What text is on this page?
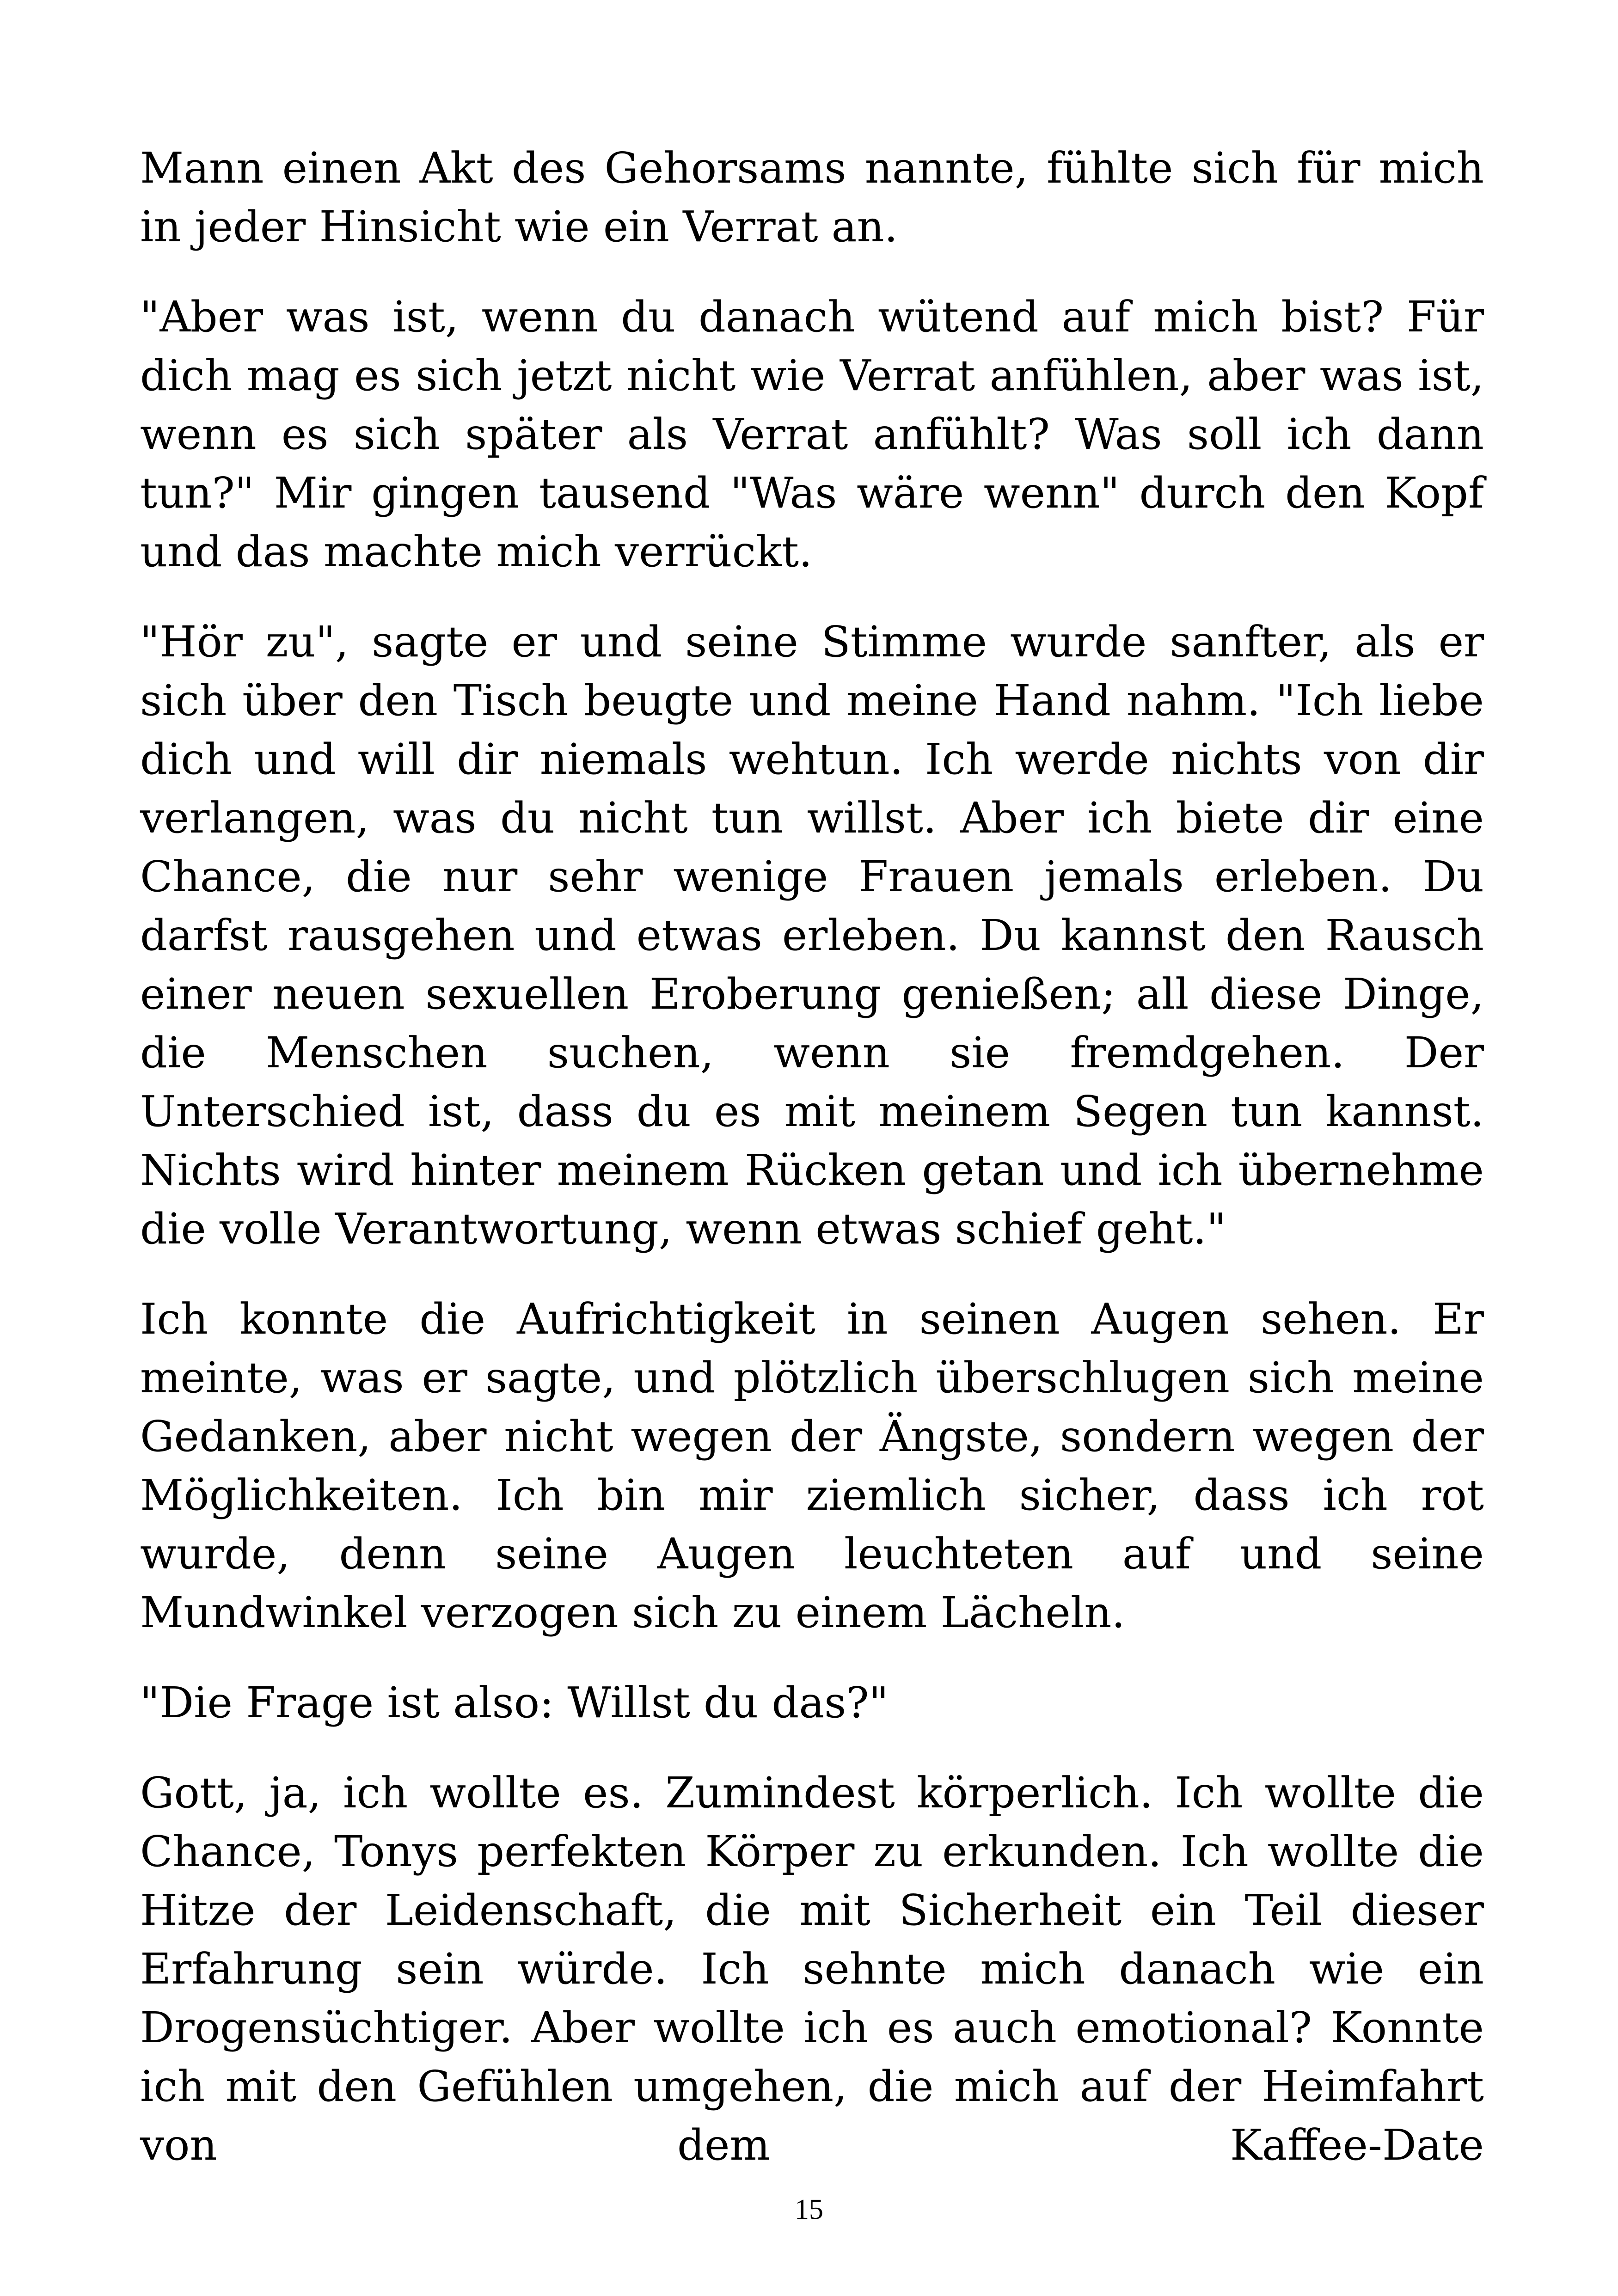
Mann einen Akt des Gehorsams nannte, fühlte sich für mich in jeder Hinsicht wie ein Verrat an.

"Aber was ist, wenn du danach wütend auf mich bist? Für dich mag es sich jetzt nicht wie Verrat anfühlen, aber was ist, wenn es sich später als Verrat anfühlt? Was soll ich dann tun?" Mir gingen tausend "Was wäre wenn" durch den Kopf und das machte mich verrückt.

"Hör zu", sagte er und seine Stimme wurde sanfter, als er sich über den Tisch beugte und meine Hand nahm. "Ich liebe dich und will dir niemals wehtun. Ich werde nichts von dir verlangen, was du nicht tun willst. Aber ich biete dir eine Chance, die nur sehr wenige Frauen jemals erleben. Du darfst rausgehen und etwas erleben. Du kannst den Rausch einer neuen sexuellen Eroberung genießen; all diese Dinge, die Menschen suchen, wenn sie fremdgehen. Der Unterschied ist, dass du es mit meinem Segen tun kannst. Nichts wird hinter meinem Rücken getan und ich übernehme die volle Verantwortung, wenn etwas schief geht."

Ich konnte die Aufrichtigkeit in seinen Augen sehen. Er meinte, was er sagte, und plötzlich überschlugen sich meine Gedanken, aber nicht wegen der Ängste, sondern wegen der Möglichkeiten. Ich bin mir ziemlich sicher, dass ich rot wurde, denn seine Augen leuchteten auf und seine Mundwinkel verzogen sich zu einem Lächeln.

"Die Frage ist also: Willst du das?"

Gott, ja, ich wollte es. Zumindest körperlich. Ich wollte die Chance, Tonys perfekten Körper zu erkunden. Ich wollte die Hitze der Leidenschaft, die mit Sicherheit ein Teil dieser Erfahrung sein würde. Ich sehnte mich danach wie ein Drogensüchtiger. Aber wollte ich es auch emotional? Konnte ich mit den Gefühlen umgehen, die mich auf der Heimfahrt von dem Kaffee-Date

15
